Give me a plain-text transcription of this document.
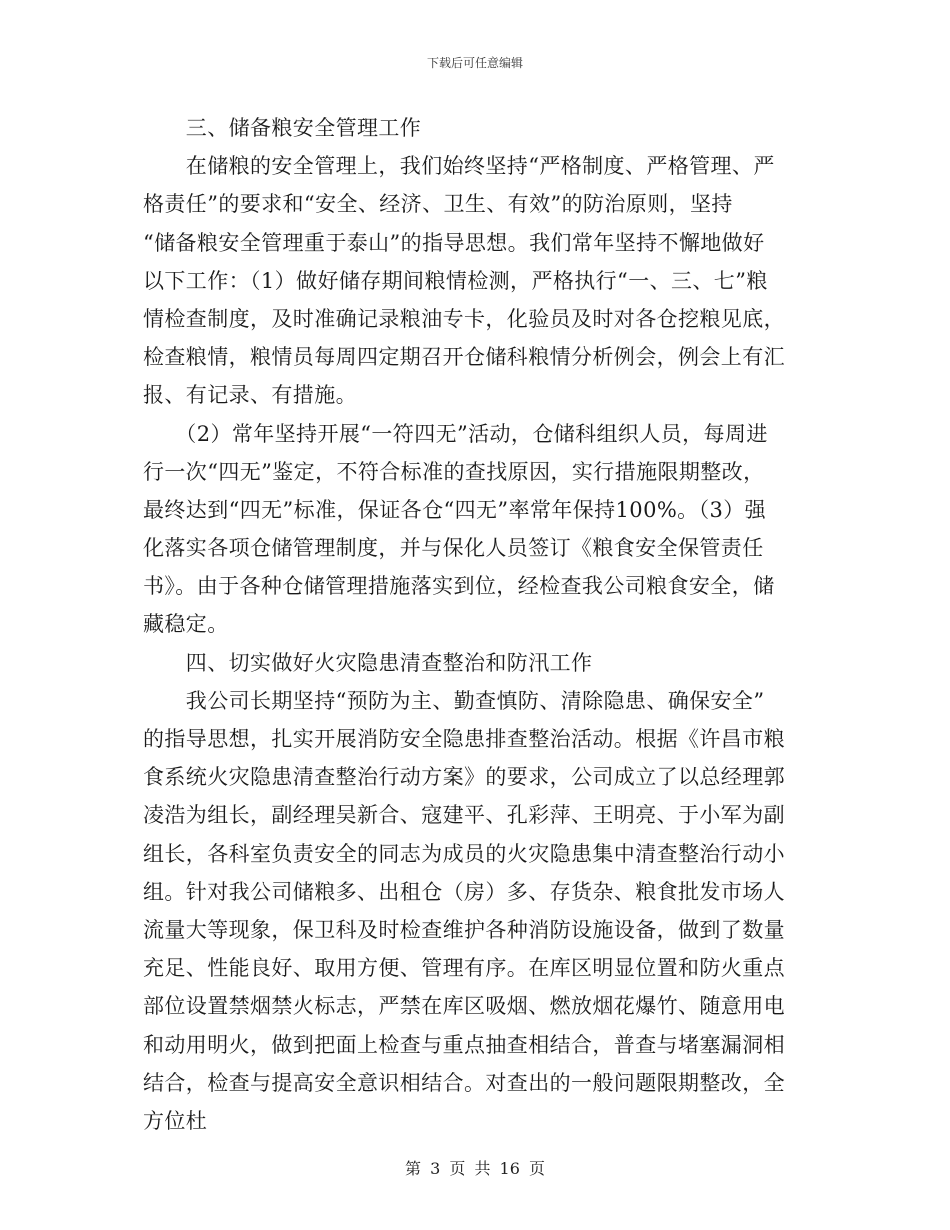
下载后可任意编辑
　　三、储备粮安全管理工作
　　在储粮的安全管理上，我们始终坚持“严格制度、严格管理、严
格责任”的要求和“安全、经济、卫生、有效”的防治原则，坚持
“储备粮安全管理重于泰山”的指导思想。我们常年坚持不懈地做好
以下工作：（1）做好储存期间粮情检测，严格执行“一、三、七”粮
情检查制度，及时准确记录粮油专卡，化验员及时对各仓挖粮见底，
检查粮情，粮情员每周四定期召开仓储科粮情分析例会，例会上有汇
报、有记录、有措施。
　　（2）常年坚持开展“一符四无”活动，仓储科组织人员，每周进
行一次“四无”鉴定，不符合标准的查找原因，实行措施限期整改，
最终达到“四无”标准，保证各仓“四无”率常年保持100%。（3）强
化落实各项仓储管理制度，并与保化人员签订《粮食安全保管责任
书》。由于各种仓储管理措施落实到位，经检查我公司粮食安全，储
藏稳定。
　　四、切实做好火灾隐患清查整治和防汛工作
　　我公司长期坚持“预防为主、勤查慎防、清除隐患、确保安全”
的指导思想，扎实开展消防安全隐患排查整治活动。根据《许昌市粮
食系统火灾隐患清查整治行动方案》的要求，公司成立了以总经理郭
凌浩为组长，副经理吴新合、寇建平、孔彩萍、王明亮、于小军为副
组长，各科室负责安全的同志为成员的火灾隐患集中清查整治行动小
组。针对我公司储粮多、出租仓（房）多、存货杂、粮食批发市场人
流量大等现象，保卫科及时检查维护各种消防设施设备，做到了数量
充足、性能良好、取用方便、管理有序。在库区明显位置和防火重点
部位设置禁烟禁火标志，严禁在库区吸烟、燃放烟花爆竹、随意用电
和动用明火，做到把面上检查与重点抽查相结合，普查与堵塞漏洞相
结合，检查与提高安全意识相结合。对查出的一般问题限期整改，全
方位杜
第 3 页 共 16 页
